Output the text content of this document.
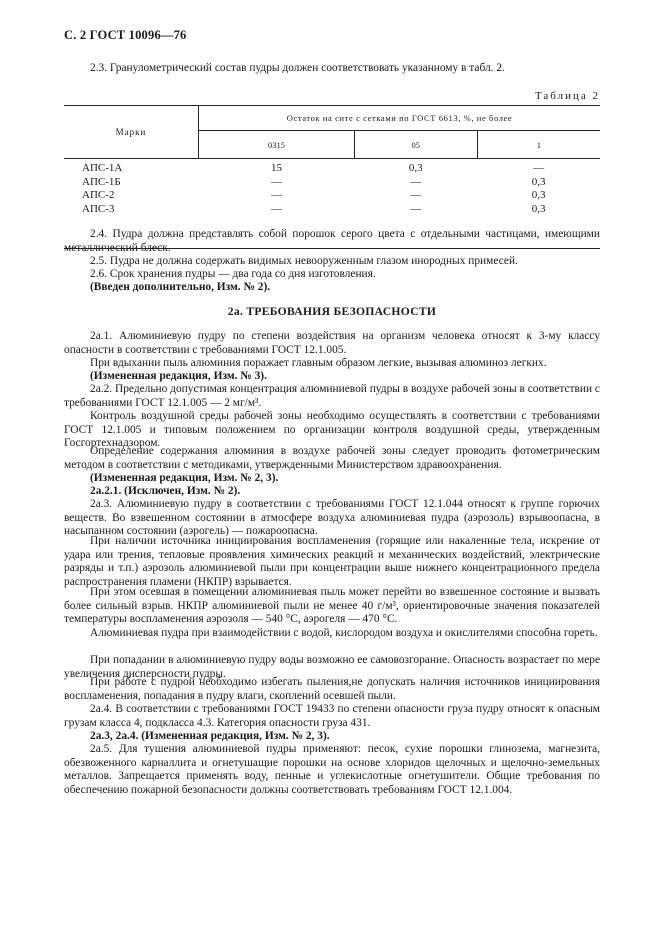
С. 2 ГОСТ 10096—76
2.3. Гранулометрический состав пудры должен соответствовать указанному в табл. 2.
Таблица 2
Марки	Остаток на сите с сетками по ГОСТ 6613, %, не более		
	0315	05	1
АПС-1А	15	0,3	—
АПС-1Б	—	—	0,3
АПС-2	—	—	0,3
АПС-3	—	—	0,3

2.4. Пудра должна представлять собой порошок серого цвета с отдельными частицами, имеющими металлический блеск.
2.5. Пудра не должна содержать видимых невооруженным глазом инородных примесей.
2.6. Срок хранения пудры — два года со дня изготовления.
(Введен дополнительно, Изм. № 2).
2а. ТРЕБОВАНИЯ БЕЗОПАСНОСТИ
2а.1. Алюминиевую пудру по степени воздействия на организм человека относят к 3-му классу опасности в соответствии с требованиями ГОСТ 12.1.005.
При вдыхании пыль алюминия поражает главным образом легкие, вызывая алюминоз легких.
(Измененная редакция, Изм. № 3).
2а.2. Предельно допустимая концентрация алюминиевой пудры в воздухе рабочей зоны в соответствии с требованиями ГОСТ 12.1.005 — 2 мг/м³.
Контроль воздушной среды рабочей зоны необходимо осуществлять в соответствии с требованиями ГОСТ 12.1.005 и типовым положением по организации контроля воздушной среды, утвержденным Госгортехнадзором.
Определение содержания алюминия в воздухе рабочей зоны следует проводить фотометрическим методом в соответствии с методиками, утвержденными Министерством здравоохранения.
(Измененная редакция, Изм. № 2, 3).
2а.2.1. (Исключен, Изм. № 2).
2а.3. Алюминиевую пудру в соответствии с требованиями ГОСТ 12.1.044 относят к группе горючих веществ. Во взвешенном состоянии в атмосфере воздуха алюминиевая пудра (аэрозоль) взрывоопасна, в насыпанном состоянии (аэрогель) — пожароопасна.
При наличии источника инициирования воспламенения (горящие или накаленные тела, искрение от удара или трения, тепловые проявления химических реакций и механических воздействий, электрические разряды и т.п.) аэрозоль алюминиевой пыли при концентрации выше нижнего концентрационного предела распространения пламени (НКПР) взрывается.
При этом осевшая в помещении алюминиевая пыль может перейти во взвешенное состояние и вызвать более сильный взрыв. НКПР алюминиевой пыли не менее 40 г/м³, ориентировочные значения показателей температуры воспламенения аэрозоля — 540 °С, аэрогеля — 470 °С.
Алюминиевая пудра при взаимодействии с водой, кислородом воздуха и окислителями способна гореть.
При попадании в алюминиевую пудру воды возможно ее самовозгорание. Опасность возрастает по мере увеличения дисперсности пудры.
При работе с пудрой необходимо избегать пыления,не допускать наличия источников инициирования воспламенения, попадания в пудру влаги, скоплений осевшей пыли.
2а.4. В соответствии с требованиями ГОСТ 19433 по степени опасности груза пудру относят к опасным грузам класса 4, подкласса 4.3. Категория опасности груза 431.
2а.3, 2а.4. (Измененная редакция, Изм. № 2, 3).
2а.5. Для тушения алюминиевой пудры применяют: песок, сухие порошки глинозема, магнезита, обезвоженного карналлита и огнетушащие порошки на основе хлоридов щелочных и щелочно-земельных металлов. Запрещается применять воду, пенные и углекислотные огнетушители. Общие требования по обеспечению пожарной безопасности должны соответствовать требованиям ГОСТ 12.1.004.
